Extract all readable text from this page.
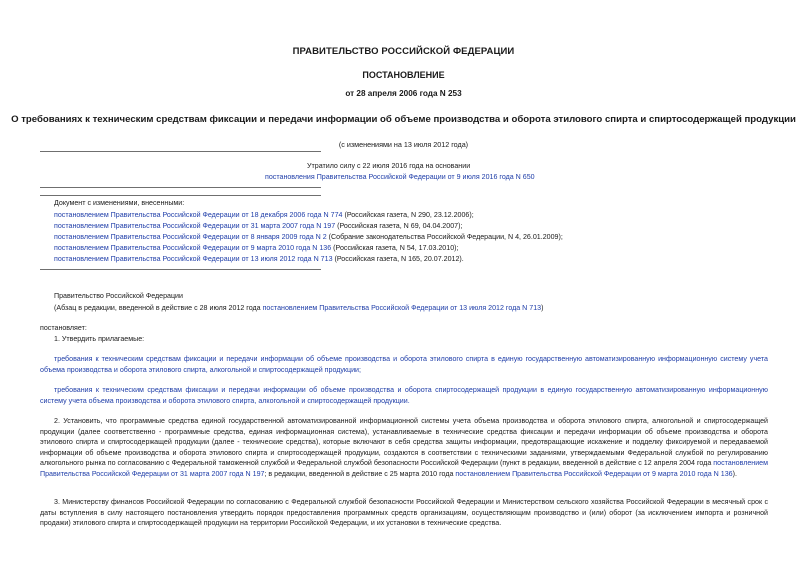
ПРАВИТЕЛЬСТВО РОССИЙСКОЙ ФЕДЕРАЦИИ
ПОСТАНОВЛЕНИЕ
от 28 апреля 2006 года N 253
О требованиях к техническим средствам фиксации и передачи информации об объеме производства и оборота этилового спирта и спиртосодержащей продукции
(с изменениями на 13 июля 2012 года)
Утратило силу с 22 июля 2016 года на основании
постановления Правительства Российской Федерации от 9 июля 2016 года N 650
Документ с изменениями, внесенными:
постановлением Правительства Российской Федерации от 18 декабря 2006 года N 774 (Российская газета, N 290, 23.12.2006);
постановлением Правительства Российской Федерации от 31 марта 2007 года N 197 (Российская газета, N 69, 04.04.2007);
постановлением Правительства Российской Федерации от 8 января 2009 года N 2 (Собрание законодательства Российской Федерации, N 4, 26.01.2009);
постановлением Правительства Российской Федерации от 9 марта 2010 года N 136 (Российская газета, N 54, 17.03.2010);
постановлением Правительства Российской Федерации от 13 июля 2012 года N 713 (Российская газета, N 165, 20.07.2012).
Правительство Российской Федерации
(Абзац в редакции, введенной в действие с 28 июля 2012 года постановлением Правительства Российской Федерации от 13 июля 2012 года N 713)
постановляет:
1. Утвердить прилагаемые:
требования к техническим средствам фиксации и передачи информации об объеме производства и оборота этилового спирта в единую государственную автоматизированную информационную систему учета объема производства и оборота этилового спирта, алкогольной и спиртосодержащей продукции;
требования к техническим средствам фиксации и передачи информации об объеме производства и оборота спиртосодержащей продукции в единую государственную автоматизированную информационную систему учета объема производства и оборота этилового спирта, алкогольной и спиртосодержащей продукции.
2. Установить, что программные средства единой государственной автоматизированной информационной системы учета объема производства и оборота этилового спирта, алкогольной и спиртосодержащей продукции (далее соответственно - программные средства, единая информационная система), устанавливаемые в технические средства фиксации и передачи информации об объеме производства и оборота этилового спирта и спиртосодержащей продукции (далее - технические средства), которые включают в себя средства защиты информации, предотвращающие искажение и подделку фиксируемой и передаваемой информации об объеме производства и оборота этилового спирта и спиртосодержащей продукции, создаются в соответствии с техническими заданиями, утверждаемыми Федеральной службой по регулированию алкогольного рынка по согласованию с Федеральной таможенной службой и Федеральной службой безопасности Российской Федерации (пункт в редакции, введенной в действие с 12 апреля 2004 года постановлением Правительства Российской Федерации от 31 марта 2007 года N 197; в редакции, введенной в действие с 25 марта 2010 года постановлением Правительства Российской Федерации от 9 марта 2010 года N 136).
3. Министерству финансов Российской Федерации по согласованию с Федеральной службой безопасности Российской Федерации и Министерством сельского хозяйства Российской Федерации в месячный срок с даты вступления в силу настоящего постановления утвердить порядок предоставления программных средств организациям, осуществляющим производство и (или) оборот (за исключением импорта и розничной продажи) этилового спирта и спиртосодержащей продукции на территории Российской Федерации, и их установки в технические средства.
